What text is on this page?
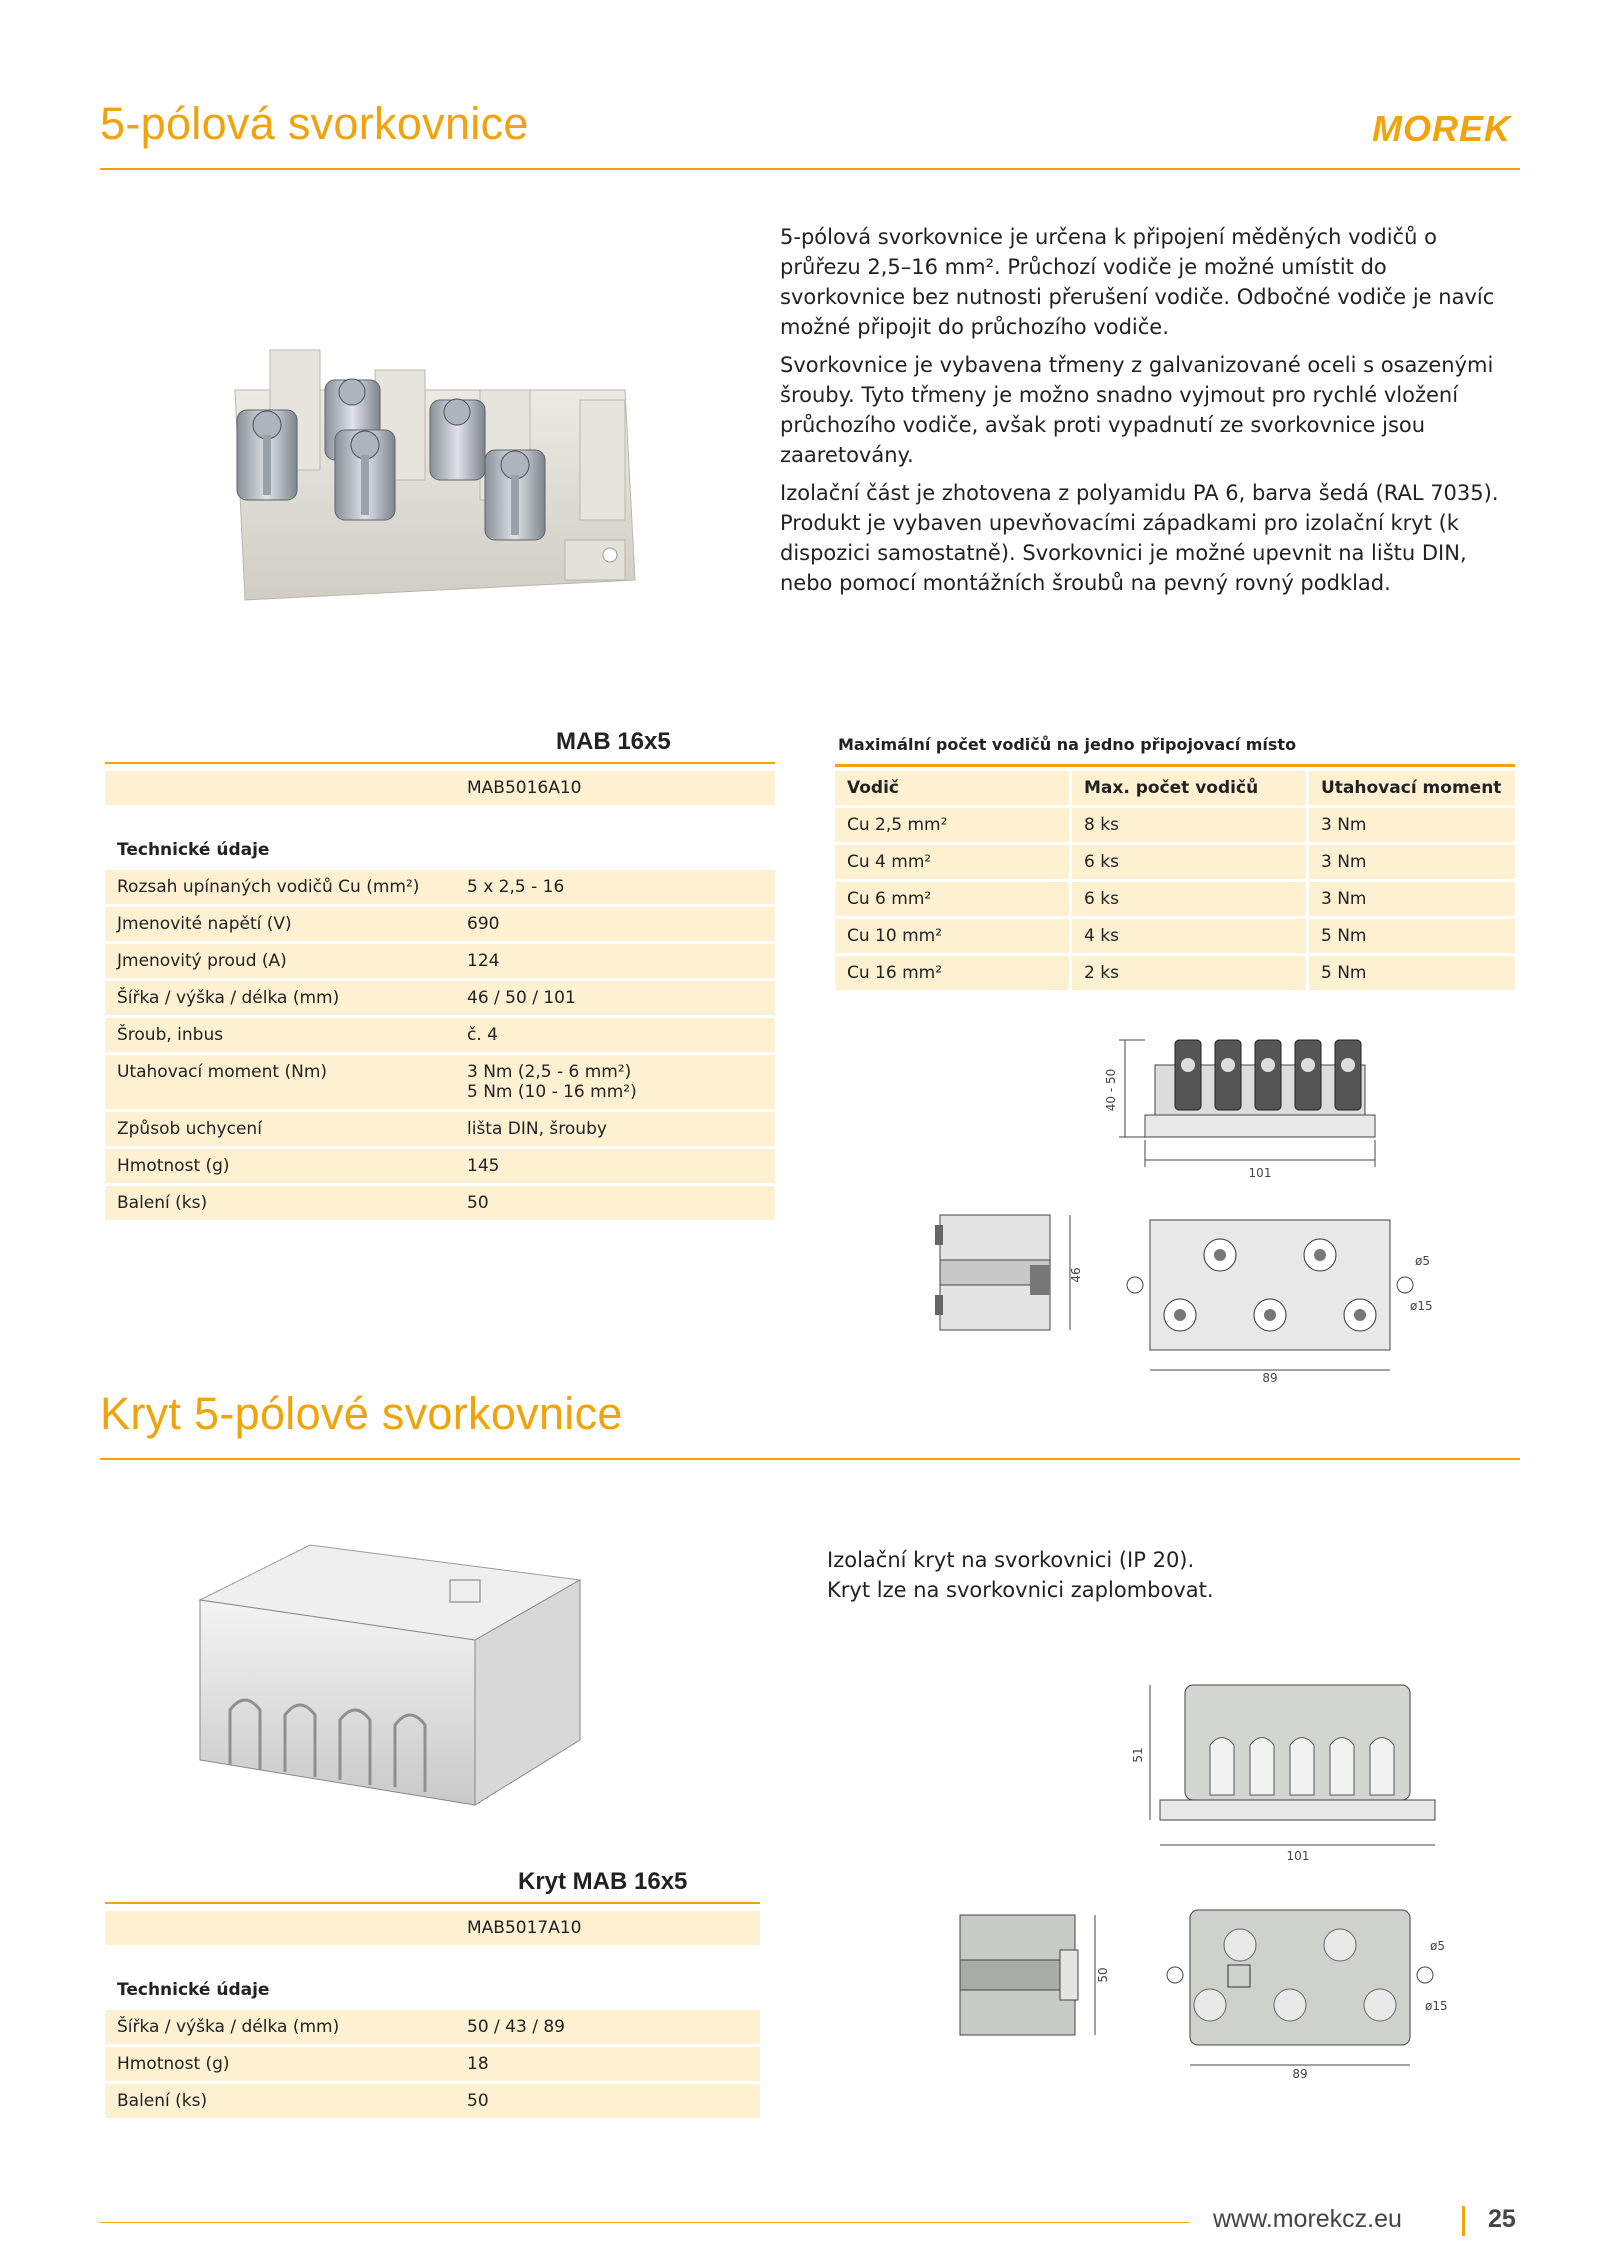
5-pólová svorkovnice	MOREK

5-pólová svorkovnice je určena k připojení měděných vodičů o průřezu 2,5–16 mm². Průchozí vodiče je možné umístit do svorkovnice bez nutnosti přerušení vodiče. Odbočné vodiče je navíc možné připojit do průchozího vodiče.

Svorkovnice je vybavena třmeny z galvanizované oceli s osazenými šrouby. Tyto třmeny je možno snadno vyjmout pro rychlé vložení průchozího vodiče, avšak proti vypadnutí ze svorkovnice jsou zaaretovány.

Izolační část je zhotovena z polyamidu PA 6, barva šedá (RAL 7035). Produkt je vybaven upevňovacími západkami pro izolační kryt (k dispozici samostatně). Svorkovnici je možné upevnit na lištu DIN, nebo pomocí montážních šroubů na pevný rovný podklad.

MAB 16x5
	MAB5016A10

Technické údaje	
Rozsah upínaných vodičů Cu (mm²)	5 x 2,5 - 16
Jmenovité napětí (V)	690
Jmenovitý proud (A)	124
Šířka / výška / délka (mm)	46 / 50 / 101
Šroub, inbus	č. 4
Utahovací moment (Nm)	3 Nm (2,5 - 6 mm²)
5 Nm (10 - 16 mm²)

Způsob uchycení	lišta DIN, šrouby
Hmotnost (g)	145
Balení (ks)	50
Maximální počet vodičů na jedno připojovací místo
Vodič	Max. počet vodičů	Utahovací moment
Cu 2,5 mm²	8 ks	3 Nm
Cu 4 mm²	6 ks	3 Nm
Cu 6 mm²	6 ks	3 Nm
Cu 10 mm²	4 ks	5 Nm
Cu 16 mm²	2 ks	5 Nm
40 - 50
101
46
ø5
ø15
89
Kryt 5-pólové svorkovnice
Izolační kryt na svorkovnici (IP 20).
Kryt lze na svorkovnici zaplombovat.
Kryt MAB 16x5
	MAB5017A10

Technické údaje	
Šířka / výška / délka (mm)	50 / 43 / 89
Hmotnost (g)	18
Balení (ks)	50
51
101
50
ø5
ø15
89
www.morekcz.eu	25
